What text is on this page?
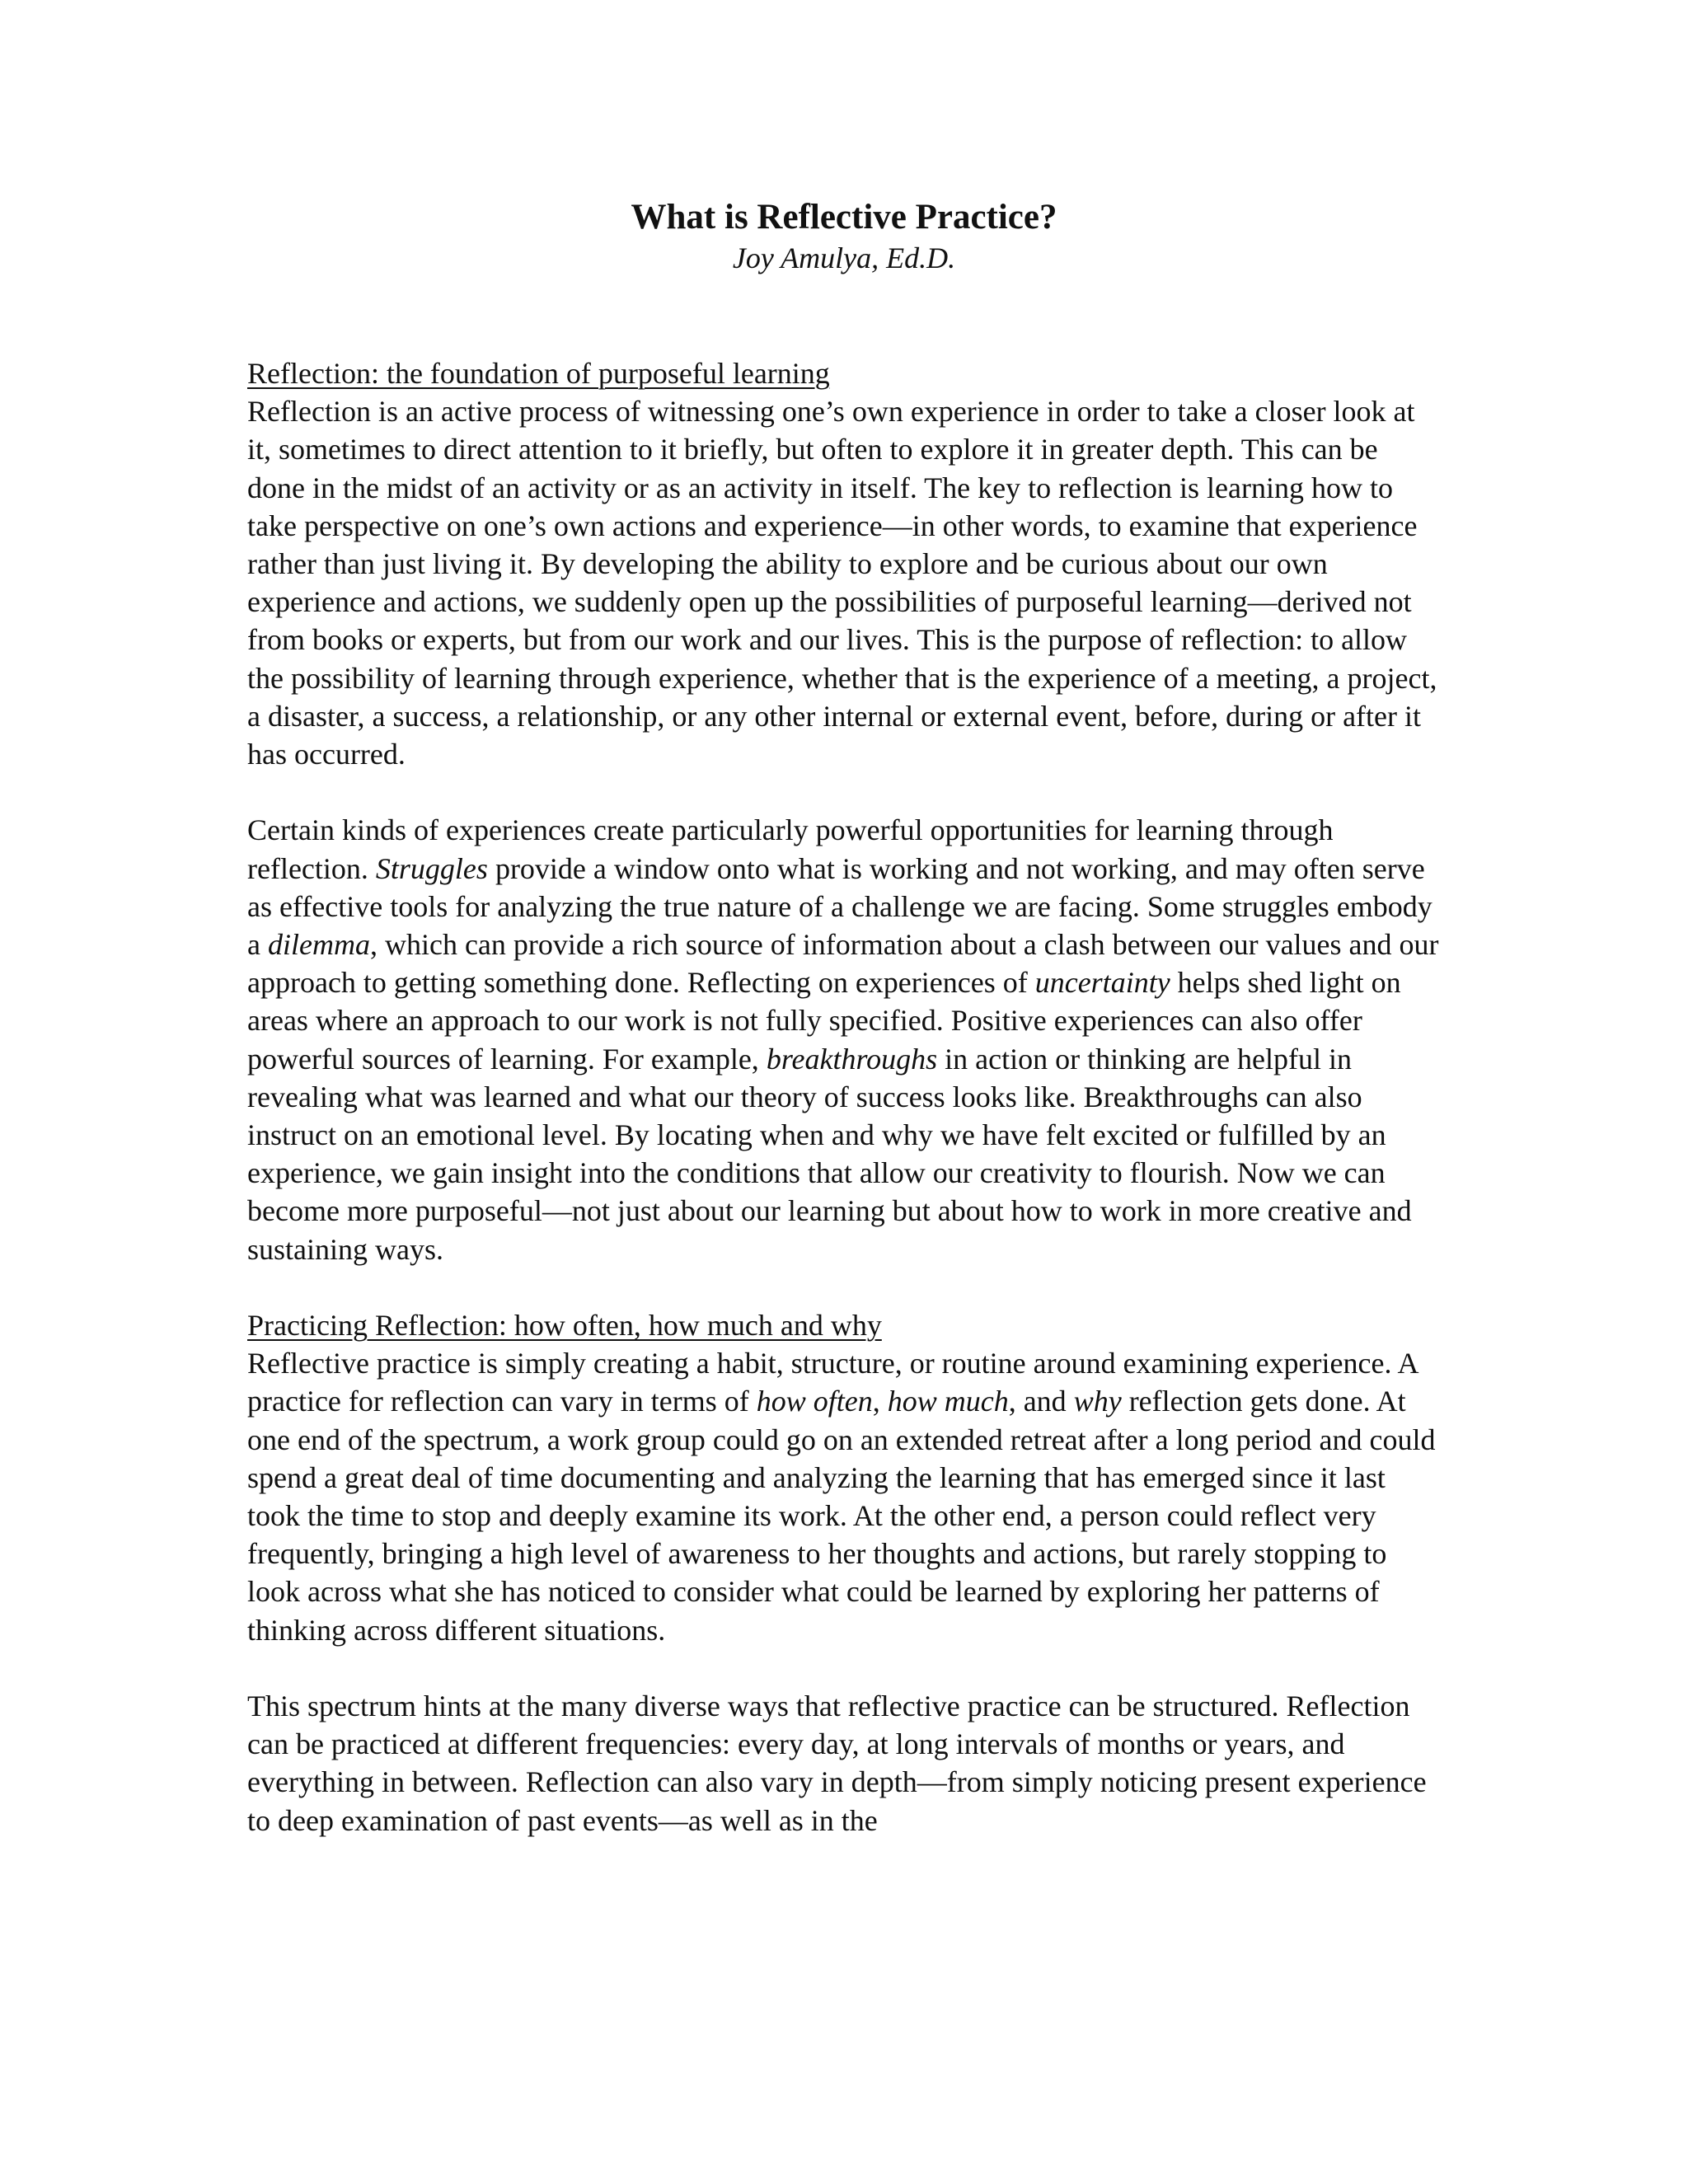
What is Reflective Practice?

Joy Amulya, Ed.D.

Reflection: the foundation of purposeful learning

Reflection is an active process of witnessing one’s own experience in order to take a closer look at it, sometimes to direct attention to it briefly, but often to explore it in greater depth. This can be done in the midst of an activity or as an activity in itself. The key to reflection is learning how to take perspective on one’s own actions and experience—in other words, to examine that experience rather than just living it. By developing the ability to explore and be curious about our own experience and actions, we suddenly open up the possibilities of purposeful learning—derived not from books or experts, but from our work and our lives. This is the purpose of reflection: to allow the possibility of learning through experience, whether that is the experience of a meeting, a project, a disaster, a success, a relationship, or any other internal or external event, before, during or after it has occurred.

Certain kinds of experiences create particularly powerful opportunities for learning through reflection. Struggles provide a window onto what is working and not working, and may often serve as effective tools for analyzing the true nature of a challenge we are facing. Some struggles embody a dilemma, which can provide a rich source of information about a clash between our values and our approach to getting something done. Reflecting on experiences of uncertainty helps shed light on areas where an approach to our work is not fully specified. Positive experiences can also offer powerful sources of learning. For example, breakthroughs in action or thinking are helpful in revealing what was learned and what our theory of success looks like. Breakthroughs can also instruct on an emotional level. By locating when and why we have felt excited or fulfilled by an experience, we gain insight into the conditions that allow our creativity to flourish. Now we can become more purposeful—not just about our learning but about how to work in more creative and sustaining ways.

Practicing Reflection: how often, how much and why

Reflective practice is simply creating a habit, structure, or routine around examining experience. A practice for reflection can vary in terms of how often, how much, and why reflection gets done. At one end of the spectrum, a work group could go on an extended retreat after a long period and could spend a great deal of time documenting and analyzing the learning that has emerged since it last took the time to stop and deeply examine its work. At the other end, a person could reflect very frequently, bringing a high level of awareness to her thoughts and actions, but rarely stopping to look across what she has noticed to consider what could be learned by exploring her patterns of thinking across different situations.

This spectrum hints at the many diverse ways that reflective practice can be structured. Reflection can be practiced at different frequencies: every day, at long intervals of months or years, and everything in between. Reflection can also vary in depth—from simply noticing present experience to deep examination of past events—as well as in the
